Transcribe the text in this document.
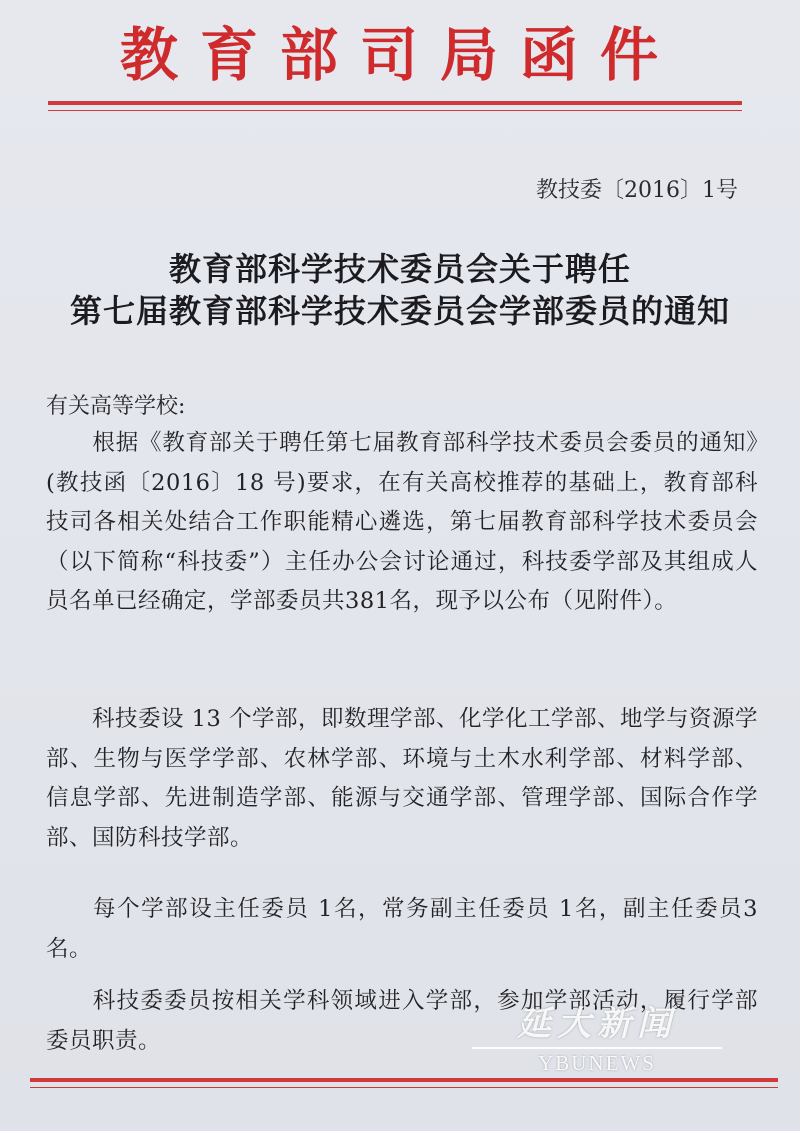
教育部司局函件
教技委〔2016〕1号
教育部科学技术委员会关于聘任
第七届教育部科学技术委员会学部委员的通知
有关高等学校:
根据《教育部关于聘任第七届教育部科学技术委员会委员的通知》(教技函〔2016〕18 号)要求，在有关高校推荐的基础上，教育部科技司各相关处结合工作职能精心遴选，第七届教育部科学技术委员会（以下简称“科技委”）主任办公会讨论通过，科技委学部及其组成人员名单已经确定，学部委员共381名，现予以公布（见附件）。
科技委设 13 个学部，即数理学部、化学化工学部、地学与资源学部、生物与医学学部、农林学部、环境与土木水利学部、材料学部、信息学部、先进制造学部、能源与交通学部、管理学部、国际合作学部、国防科技学部。
每个学部设主任委员 1名，常务副主任委员 1名，副主任委员3名。
科技委委员按相关学科领域进入学部，参加学部活动，履行学部委员职责。	延大新闻
YBUNEWS
